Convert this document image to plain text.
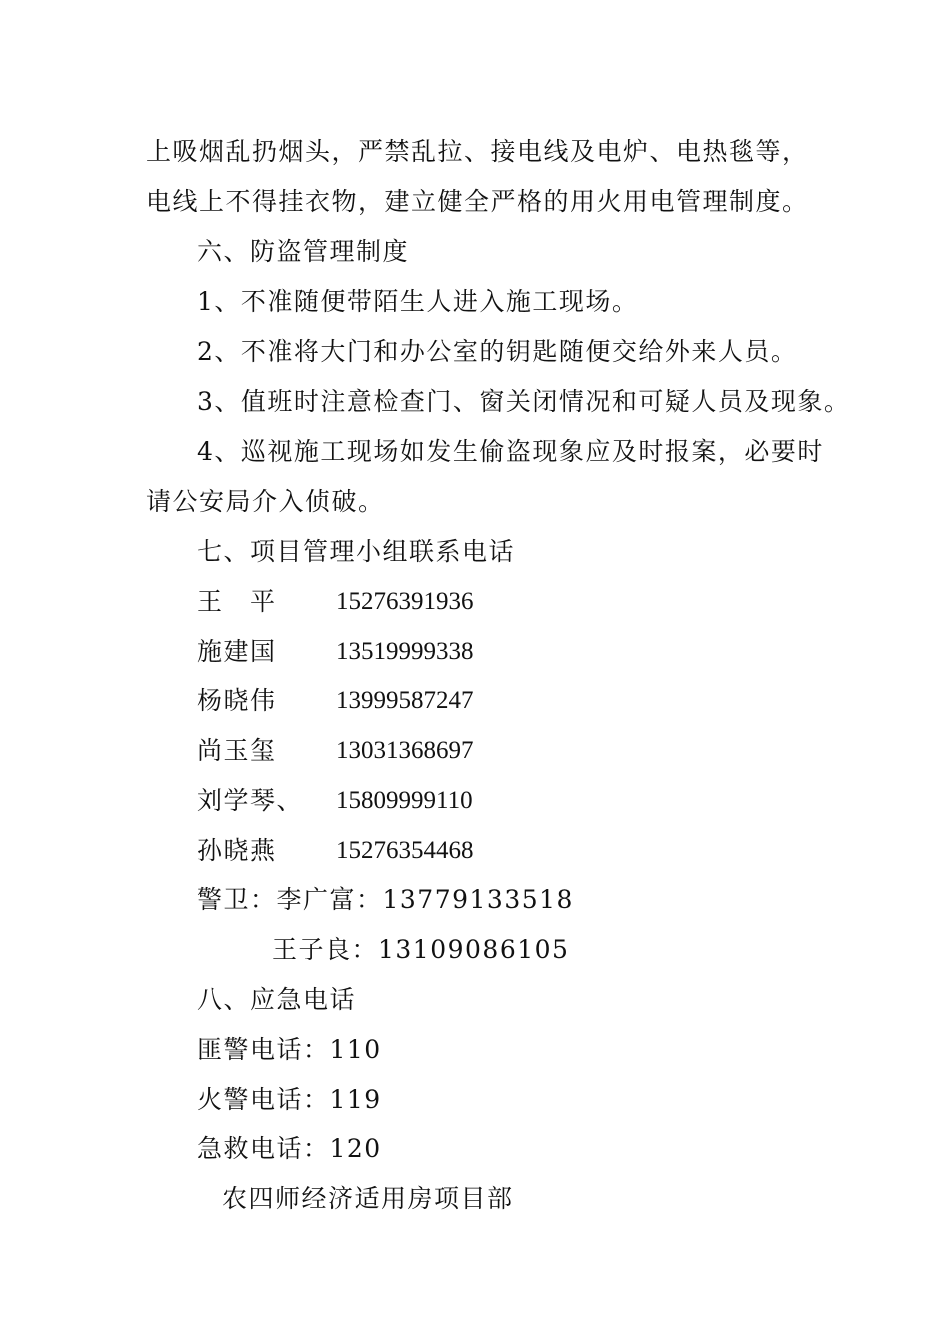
上吸烟乱扔烟头，严禁乱拉、接电线及电炉、电热毯等，
电线上不得挂衣物，建立健全严格的用火用电管理制度。
六、防盗管理制度
1、不准随便带陌生人进入施工现场。
2、不准将大门和办公室的钥匙随便交给外来人员。
3、值班时注意检查门、窗关闭情况和可疑人员及现象。
4、巡视施工现场如发生偷盗现象应及时报案，必要时
请公安局介入侦破。
七、项目管理小组联系电话
王　平 15276391936
施建国 13519999338
杨晓伟 13999587247
尚玉玺 13031368697
刘学琴、 15809999110
孙晓燕 15276354468
警卫：李广富：13779133518
王子良：13109086105
八、应急电话
匪警电话：110
火警电话：119
急救电话：120
农四师经济适用房项目部
